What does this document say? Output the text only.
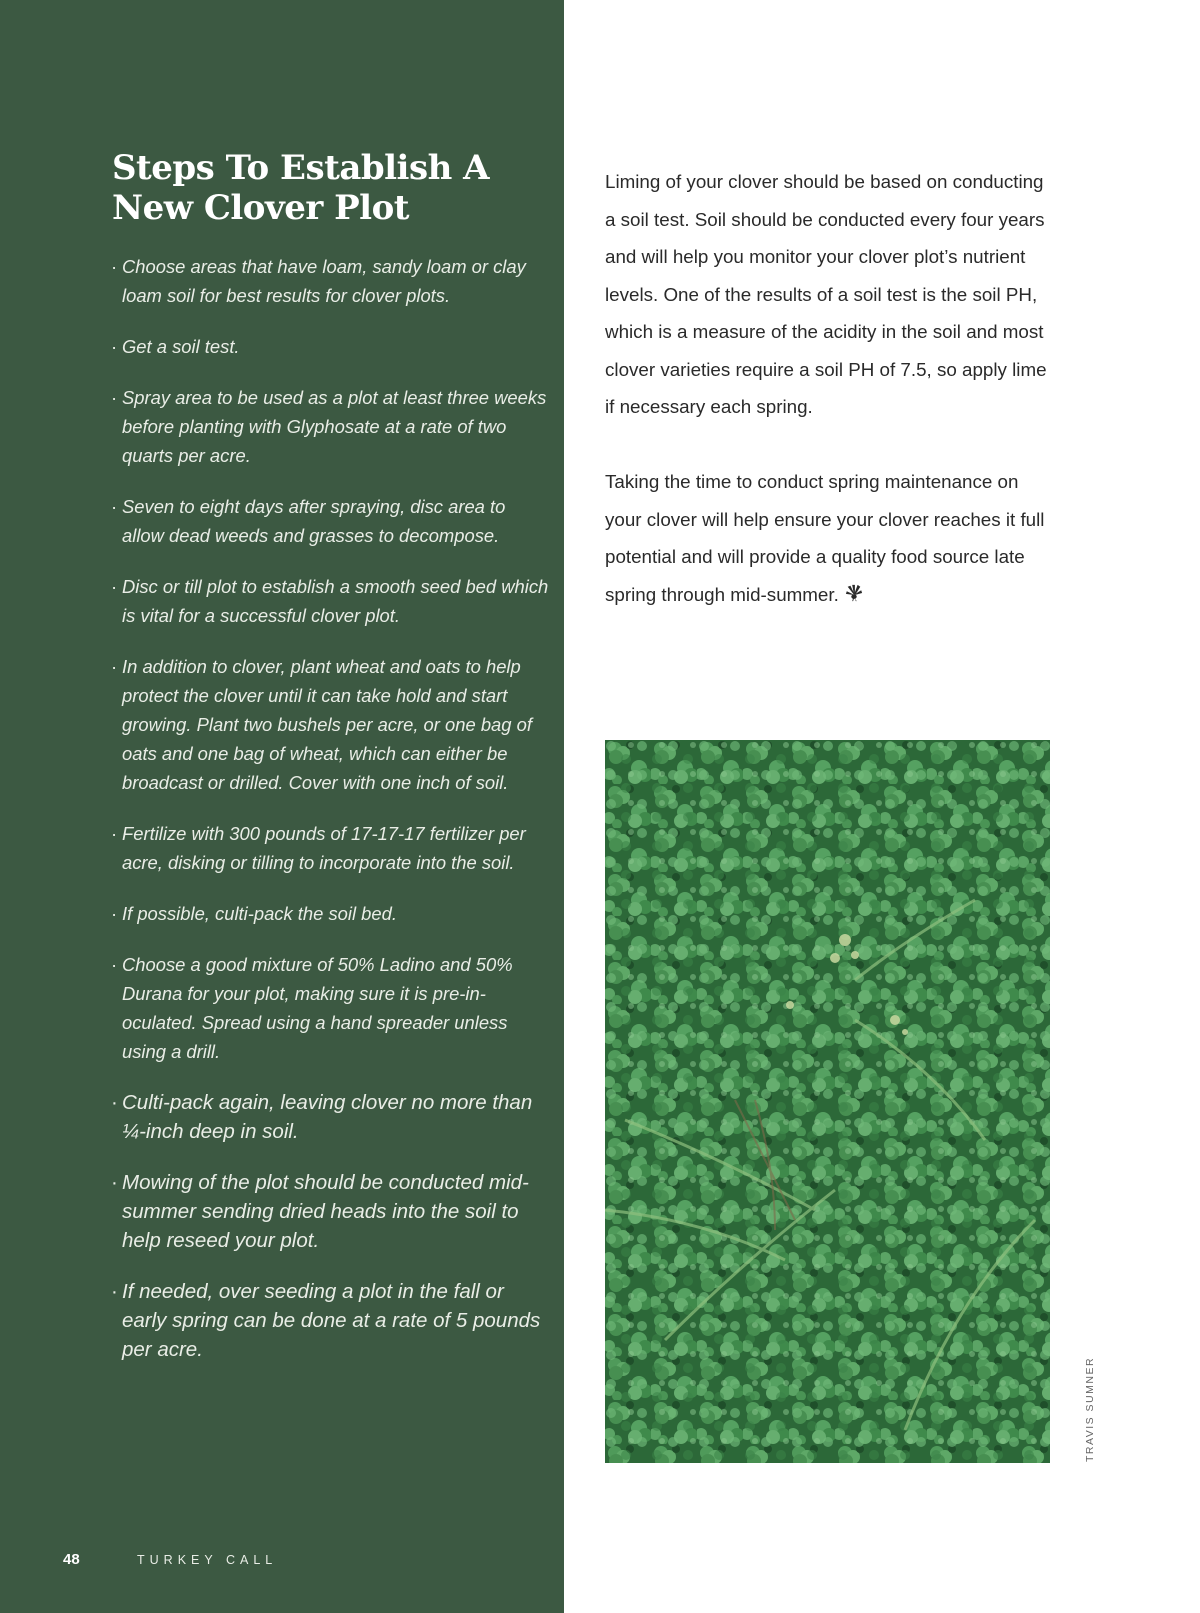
Steps To Establish A New Clover Plot
· Choose areas that have loam, sandy loam or clay loam soil for best results for clover plots.
· Get a soil test.
· Spray area to be used as a plot at least three weeks before planting with Glyphosate at a rate of two quarts per acre.
· Seven to eight days after spraying, disc area to allow dead weeds and grasses to decompose.
· Disc or till plot to establish a smooth seed bed which is vital for a successful clover plot.
· In addition to clover, plant wheat and oats to help protect the clover until it can take hold and start growing. Plant two bushels per acre, or one bag of oats and one bag of wheat, which can either be broadcast or drilled. Cover with one inch of soil.
· Fertilize with 300 pounds of 17-17-17 fertilizer per acre, disking or tilling to incorporate into the soil.
· If possible, culti-pack the soil bed.
· Choose a good mixture of 50% Ladino and 50% Durana for your plot, making sure it is pre-in-oculated. Spread using a hand spreader unless using a drill.
· Culti-pack again, leaving clover no more than ¼-inch deep in soil.
· Mowing of the plot should be conducted mid-summer sending dried heads into the soil to help reseed your plot.
· If needed, over seeding a plot in the fall or early spring can be done at a rate of 5 pounds per acre.
48	TURKEY CALL

Liming of your clover should be based on conducting a soil test. Soil should be conducted every four years and will help you monitor your clover plot’s nutrient levels. One of the results of a soil test is the soil PH, which is a measure of the acidity in the soil and most clover varieties require a soil PH of 7.5, so apply lime if necessary each spring.

Taking the time to conduct spring maintenance on your clover will help ensure your clover reaches it full potential and will provide a quality food source late spring through mid-summer.

TRAVIS SUMNER
